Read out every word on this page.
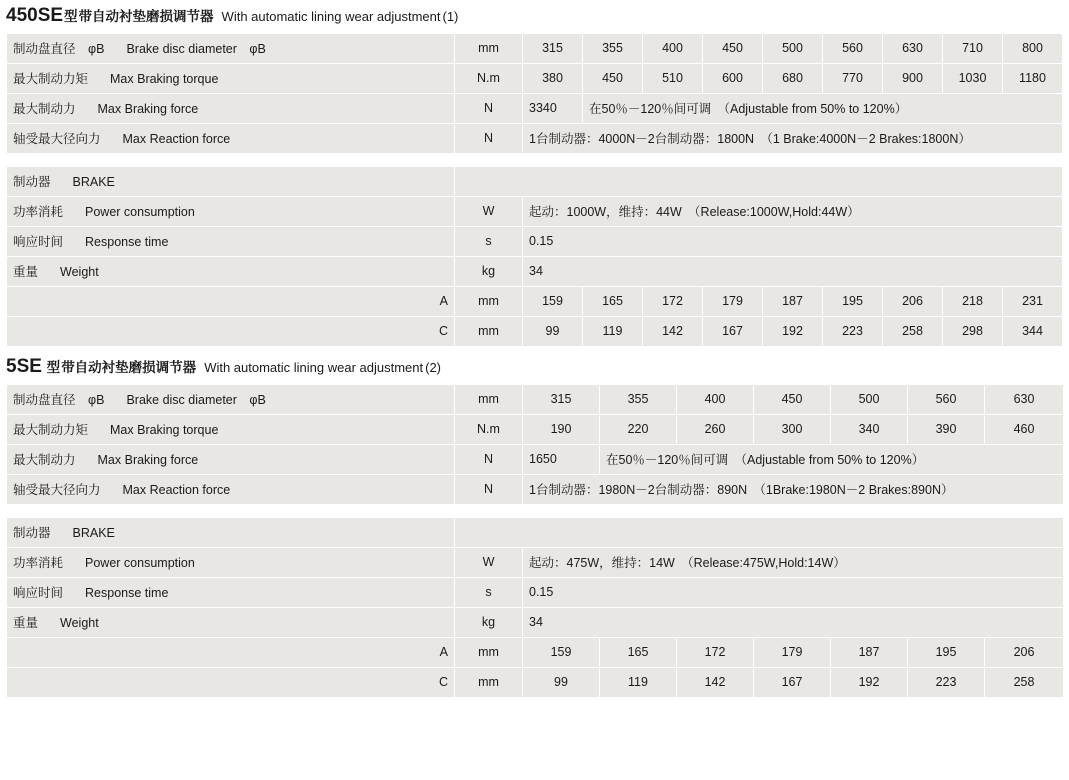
450SE型带自动衬垫磨损调节器 With automatic lining wear adjustment (1)
制动盘直径　φB Brake disc diameter　φB	mm	315	355	400	450	500	560	630	710	800
最大制动力矩 Max Braking torque	N.m	380	450	510	600	680	770	900	1030	1180
最大制动力 Max Braking force	N	3340	在50％－120％间可调　（Adjustable from 50% to 120%）							
轴受最大径向力 Max Reaction force	N	1台制动器：4000N－2台制动器：1800N　（1 Brake:4000N－2 Brakes:1800N）								
制动器 BRAKE										
功率消耗 Power consumption	W	起动：1000W，维持：44W　（Release:1000W,Hold:44W）								
响应时间 Response time	s	0.15								
重量 Weight	kg	34								
A	mm	159	165	172	179	187	195	206	218	231
C	mm	99	119	142	167	192	223	258	298	344
5SE 型带自动衬垫磨损调节器 With automatic lining wear adjustment (2)
制动盘直径　φB Brake disc diameter　φB	mm	315	355	400	450	500	560	630
最大制动力矩 Max Braking torque	N.m	190	220	260	300	340	390	460
最大制动力 Max Braking force	N	1650	在50％－120％间可调　（Adjustable from 50% to 120%）					
轴受最大径向力 Max Reaction force	N	1台制动器：1980N－2台制动器：890N　（1Brake:1980N－2 Brakes:890N）						
制动器 BRAKE								
功率消耗 Power consumption	W	起动：475W，维持：14W　（Release:475W,Hold:14W）						
响应时间 Response time	s	0.15						
重量 Weight	kg	34						
A	mm	159	165	172	179	187	195	206
C	mm	99	119	142	167	192	223	258
